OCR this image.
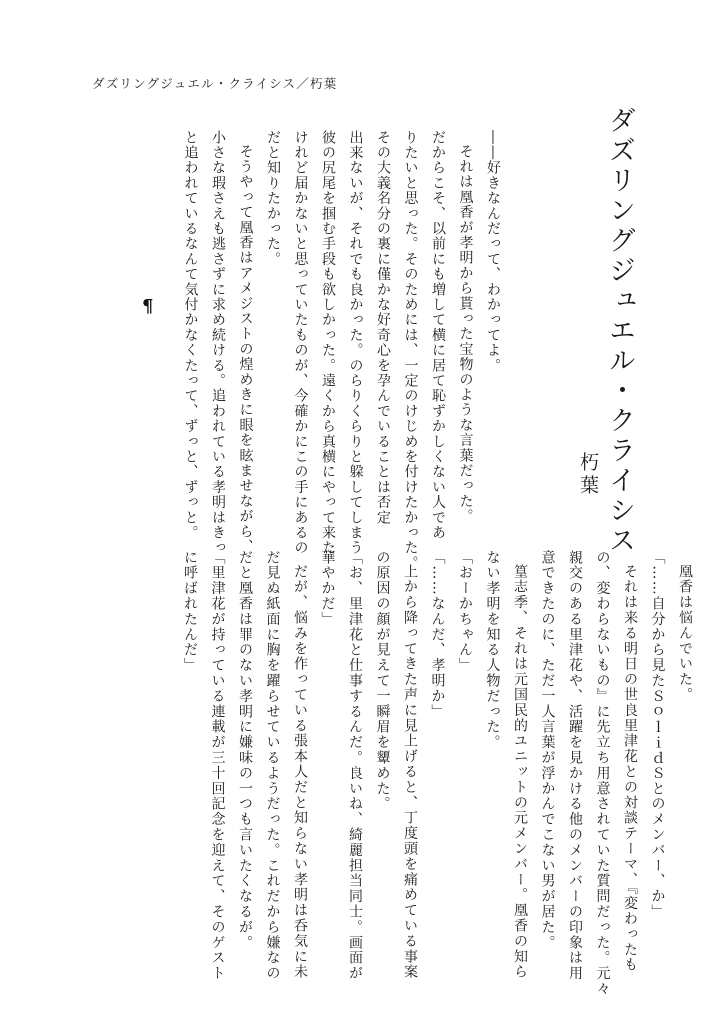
ダズリングジュエル・クライシス／朽葉
ダズリングジュエル・クライシス
朽葉
――好きなんだって、わかってよ。
それは凰香が孝明から貰った宝物のような言葉だった。
だからこそ、以前にも増して横に居て恥ずかしくない人であ
りたいと思った。そのためには、一定のけじめを付けたかった。
その大義名分の裏に僅かな好奇心を孕んでいることは否定
出来ないが、それでも良かった。のらりくらりと躱してしまう
彼の尻尾を掴む手段も欲しかった。遠くから真横にやって来た
けれど届かないと思っていたものが、今確かにこの手にあるの
だと知りたかった。
そうやって凰香はアメジストの煌めきに眼を眩ませながら、
小さな瑕さえも逃さずに求め続ける。追われている孝明はきっ
と追われているなんて気付かなくたって、ずっと、ずっと。
¶
凰香は悩んでいた。
「……自分から見たＳｏｌｉｄＳとのメンバー、か」
それは来る明日の世良里津花との対談テーマ、『変わったも
の、変わらないもの』に先立ち用意されていた質問だった。元々
親交のある里津花や、活躍を見かける他のメンバーの印象は用
意できたのに、ただ一人言葉が浮かんでこない男が居た。
篁志季、それは元国民的ユニットの元メンバー。凰香の知ら
ない孝明を知る人物だった。
「おーかちゃん」
「……なんだ、孝明か」
上から降ってきた声に見上げると、丁度頭を痛めている事案
の原因の顔が見えて一瞬眉を顰めた。
「お、里津花と仕事するんだ。良いね、綺麗担当同士。画面が
華やかだ」
だが、悩みを作っている張本人だと知らない孝明は呑気に未
だ見ぬ紙面に胸を躍らせているようだった。これだから嫌なの
だと凰香は罪のない孝明に嫌味の一つも言いたくなるが。
「里津花が持っている連載が三十回記念を迎えて、そのゲスト
に呼ばれたんだ」
